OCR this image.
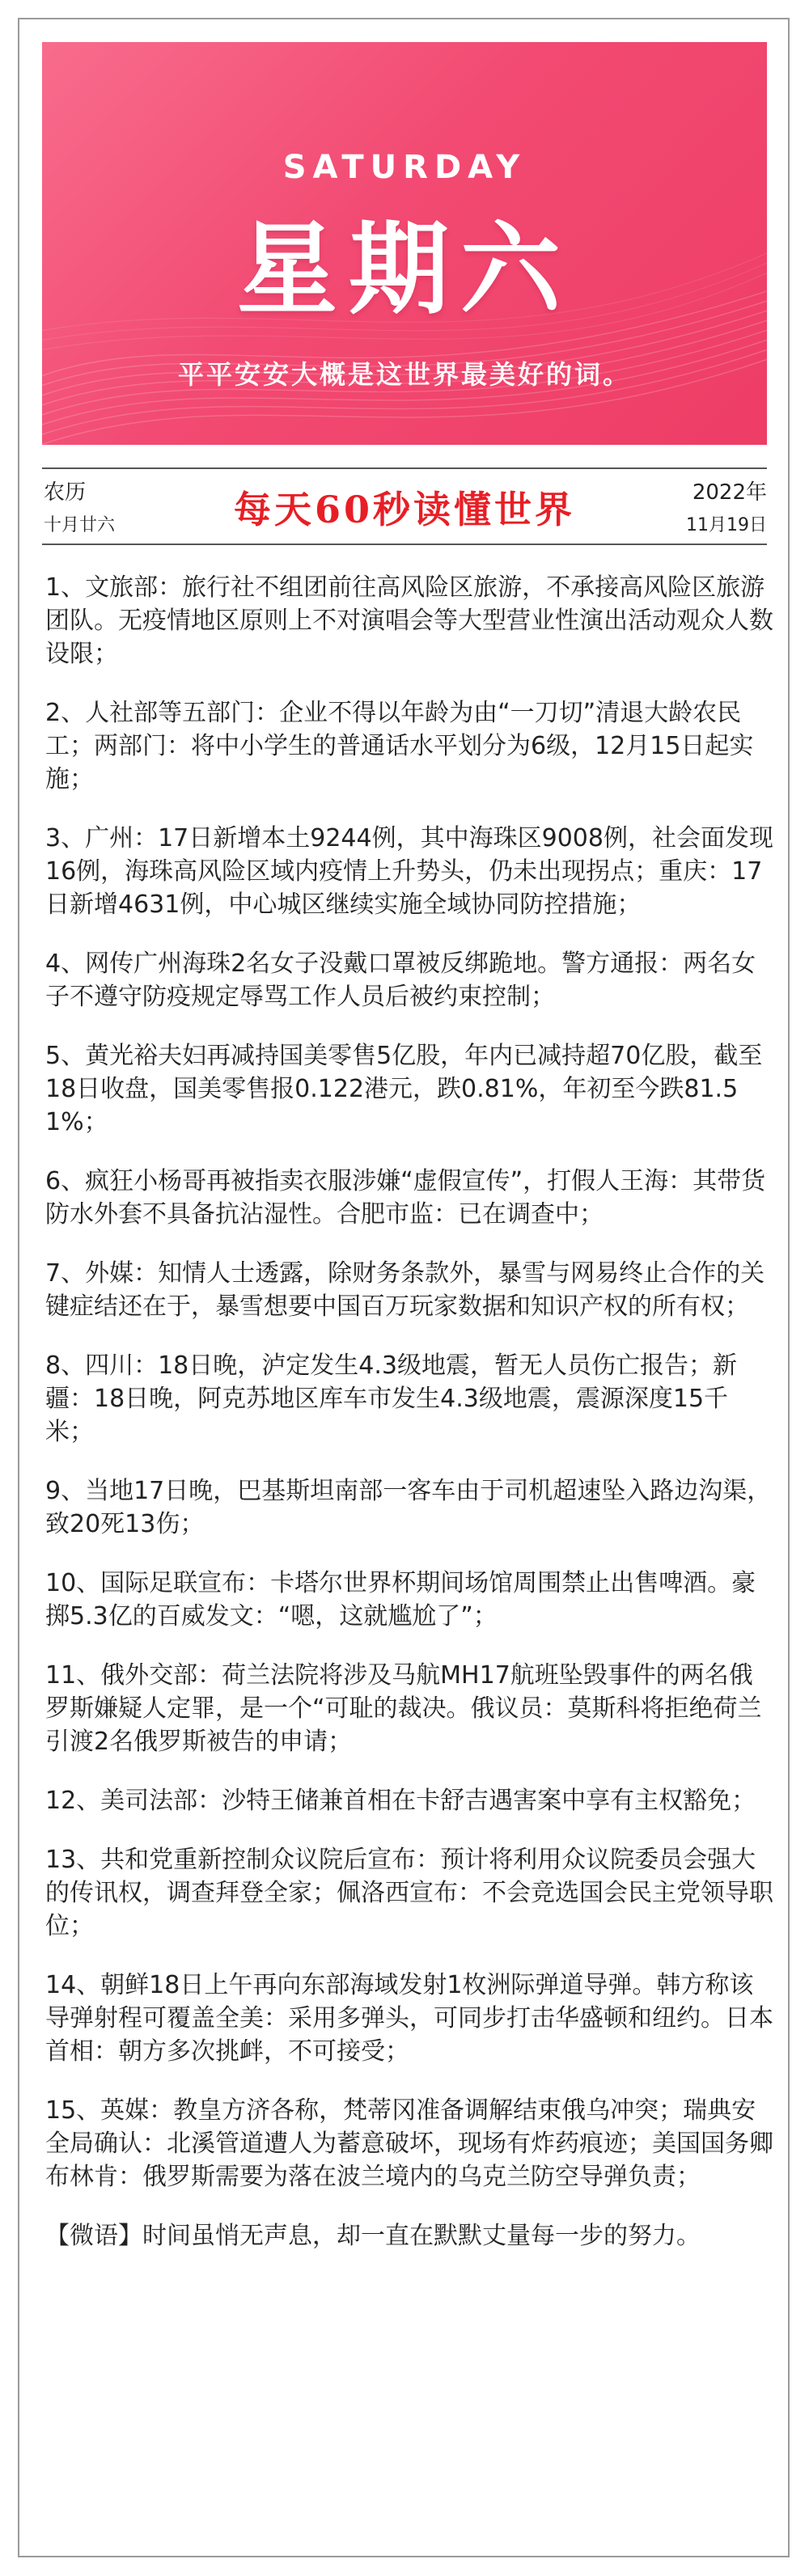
SATURDAY
星期六
平平安安大概是这世界最美好的词。
农历
十月廿六
2022年
11月19日
每天60秒读懂世界

1、文旅部：旅行社不组团前往高风险区旅游，不承接高风险区旅游团队。无疫情地区原则上不对演唱会等大型营业性演出活动观众人数设限；

2、人社部等五部门：企业不得以年龄为由“一刀切”清退大龄农民工；两部门：将中小学生的普通话水平划分为6级，12月15日起实施；

3、广州：17日新增本土9244例，其中海珠区9008例，社会面发现16例，海珠高风险区域内疫情上升势头，仍未出现拐点；重庆：17日新增4631例，中心城区继续实施全域协同防控措施；

4、网传广州海珠2名女子没戴口罩被反绑跪地。警方通报：两名女子不遵守防疫规定辱骂工作人员后被约束控制；

5、黄光裕夫妇再减持国美零售5亿股，年内已减持超70亿股，截至18日收盘，国美零售报0.122港元，跌0.81%，年初至今跌81.51%；

6、疯狂小杨哥再被指卖衣服涉嫌“虚假宣传”，打假人王海：其带货防水外套不具备抗沾湿性。合肥市监：已在调查中；

7、外媒：知情人士透露，除财务条款外，暴雪与网易终止合作的关键症结还在于，暴雪想要中国百万玩家数据和知识产权的所有权；

8、四川：18日晚，泸定发生4.3级地震，暂无人员伤亡报告；新疆：18日晚，阿克苏地区库车市发生4.3级地震，震源深度15千米；

9、当地17日晚，巴基斯坦南部一客车由于司机超速坠入路边沟渠，致20死13伤；

10、国际足联宣布：卡塔尔世界杯期间场馆周围禁止出售啤酒。豪掷5.3亿的百威发文：“嗯，这就尴尬了”；

11、俄外交部：荷兰法院将涉及马航MH17航班坠毁事件的两名俄罗斯嫌疑人定罪，是一个“可耻的裁决。俄议员：莫斯科将拒绝荷兰引渡2名俄罗斯被告的申请；

12、美司法部：沙特王储兼首相在卡舒吉遇害案中享有主权豁免；

13、共和党重新控制众议院后宣布：预计将利用众议院委员会强大的传讯权，调查拜登全家；佩洛西宣布：不会竞选国会民主党领导职位；

14、朝鲜18日上午再向东部海域发射1枚洲际弹道导弹。韩方称该导弹射程可覆盖全美：采用多弹头，可同步打击华盛顿和纽约。日本首相：朝方多次挑衅，不可接受；

15、英媒：教皇方济各称，梵蒂冈准备调解结束俄乌冲突；瑞典安全局确认：北溪管道遭人为蓄意破坏，现场有炸药痕迹；美国国务卿布林肯：俄罗斯需要为落在波兰境内的乌克兰防空导弹负责；

【微语】时间虽悄无声息，却一直在默默丈量每一步的努力。
